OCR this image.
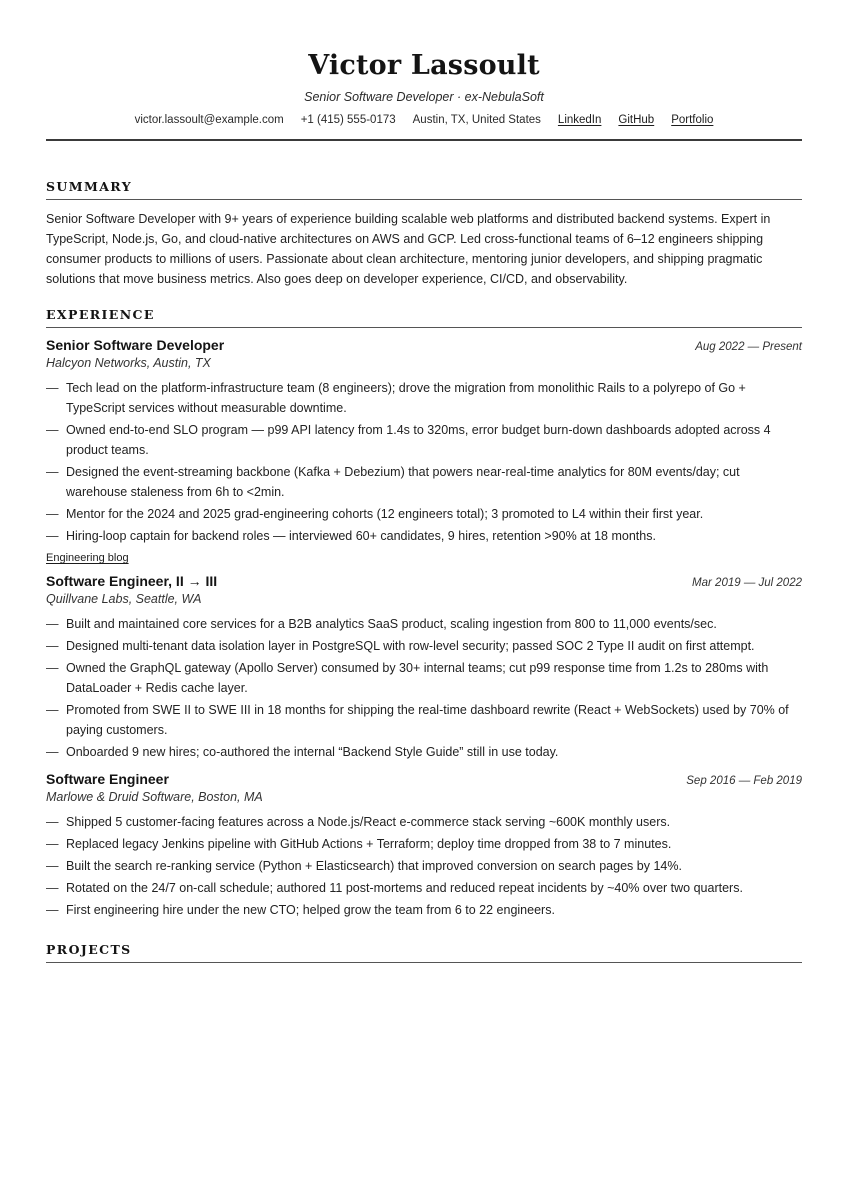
Victor Lassoult
Senior Software Developer · ex-NebulaSoft
victor.lassoult@example.com +1 (415) 555-0173 Austin, TX, United States LinkedIn GitHub Portfolio
SUMMARY

Senior Software Developer with 9+ years of experience building scalable web platforms and distributed backend systems. Expert in TypeScript, Node.js, Go, and cloud-native architectures on AWS and GCP. Led cross-functional teams of 6–12 engineers shipping consumer products to millions of users. Passionate about clean architecture, mentoring junior developers, and shipping pragmatic solutions that move business metrics. Also goes deep on developer experience, CI/CD, and observability.

EXPERIENCE
Senior Software Developer	Aug 2022 — Present
Halcyon Networks, Austin, TX
— Tech lead on the platform-infrastructure team (8 engineers); drove the migration from monolithic Rails to a polyrepo of Go + TypeScript services without measurable downtime.
— Owned end-to-end SLO program — p99 API latency from 1.4s to 320ms, error budget burn-down dashboards adopted across 4 product teams.
— Designed the event-streaming backbone (Kafka + Debezium) that powers near-real-time analytics for 80M events/day; cut warehouse staleness from 6h to <2min.
— Mentor for the 2024 and 2025 grad-engineering cohorts (12 engineers total); 3 promoted to L4 within their first year.
— Hiring-loop captain for backend roles — interviewed 60+ candidates, 9 hires, retention >90% at 18 months.
Engineering blog
Software Engineer, II → III	Mar 2019 — Jul 2022
Quillvane Labs, Seattle, WA
— Built and maintained core services for a B2B analytics SaaS product, scaling ingestion from 800 to 11,000 events/sec.
— Designed multi-tenant data isolation layer in PostgreSQL with row-level security; passed SOC 2 Type II audit on first attempt.
— Owned the GraphQL gateway (Apollo Server) consumed by 30+ internal teams; cut p99 response time from 1.2s to 280ms with DataLoader + Redis cache layer.
— Promoted from SWE II to SWE III in 18 months for shipping the real-time dashboard rewrite (React + WebSockets) used by 70% of paying customers.
— Onboarded 9 new hires; co-authored the internal “Backend Style Guide” still in use today.
Software Engineer	Sep 2016 — Feb 2019
Marlowe & Druid Software, Boston, MA
— Shipped 5 customer-facing features across a Node.js/React e-commerce stack serving ~600K monthly users.
— Replaced legacy Jenkins pipeline with GitHub Actions + Terraform; deploy time dropped from 38 to 7 minutes.
— Built the search re-ranking service (Python + Elasticsearch) that improved conversion on search pages by 14%.
— Rotated on the 24/7 on-call schedule; authored 11 post-mortems and reduced repeat incidents by ~40% over two quarters.
— First engineering hire under the new CTO; helped grow the team from 6 to 22 engineers.
PROJECTS
